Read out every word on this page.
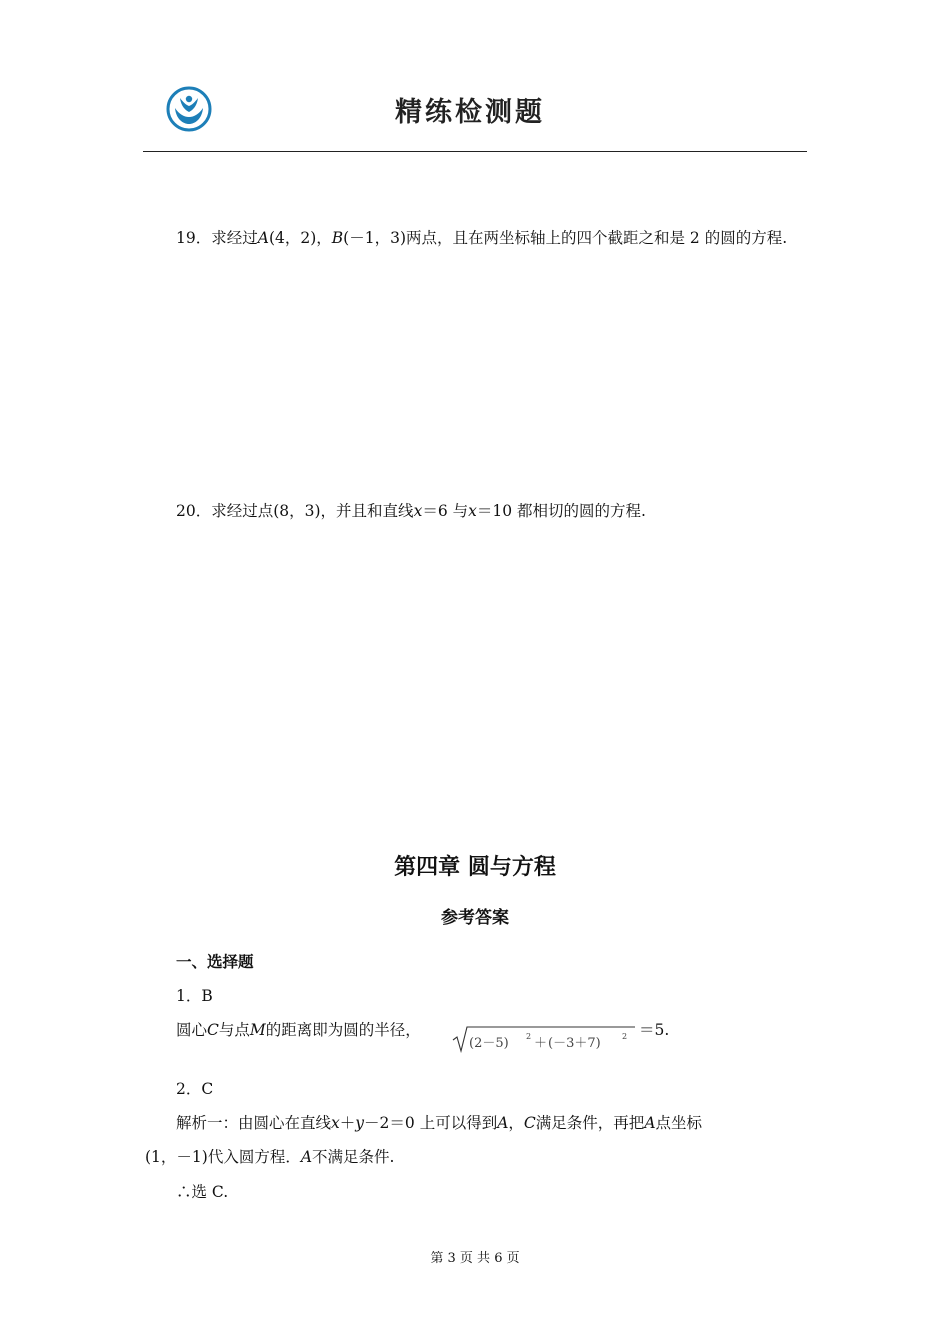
精练检测题
19．求经过A(4，2)，B(－1，3)两点，且在两坐标轴上的四个截距之和是 2 的圆的方程.
20．求经过点(8，3)，并且和直线x＝6 与x＝10 都相切的圆的方程.
第四章 圆与方程
参考答案
一、选择题
1．B
圆心C与点M的距离即为圆的半径，
(2－5) 2 ＋ (－3＋7)	2 ＝5.
2．C
解析一：由圆心在直线x＋y－2＝0 上可以得到A，C满足条件，再把A点坐标
(1，－1)代入圆方程．A不满足条件.
∴选 C.
第 3 页 共 6 页
